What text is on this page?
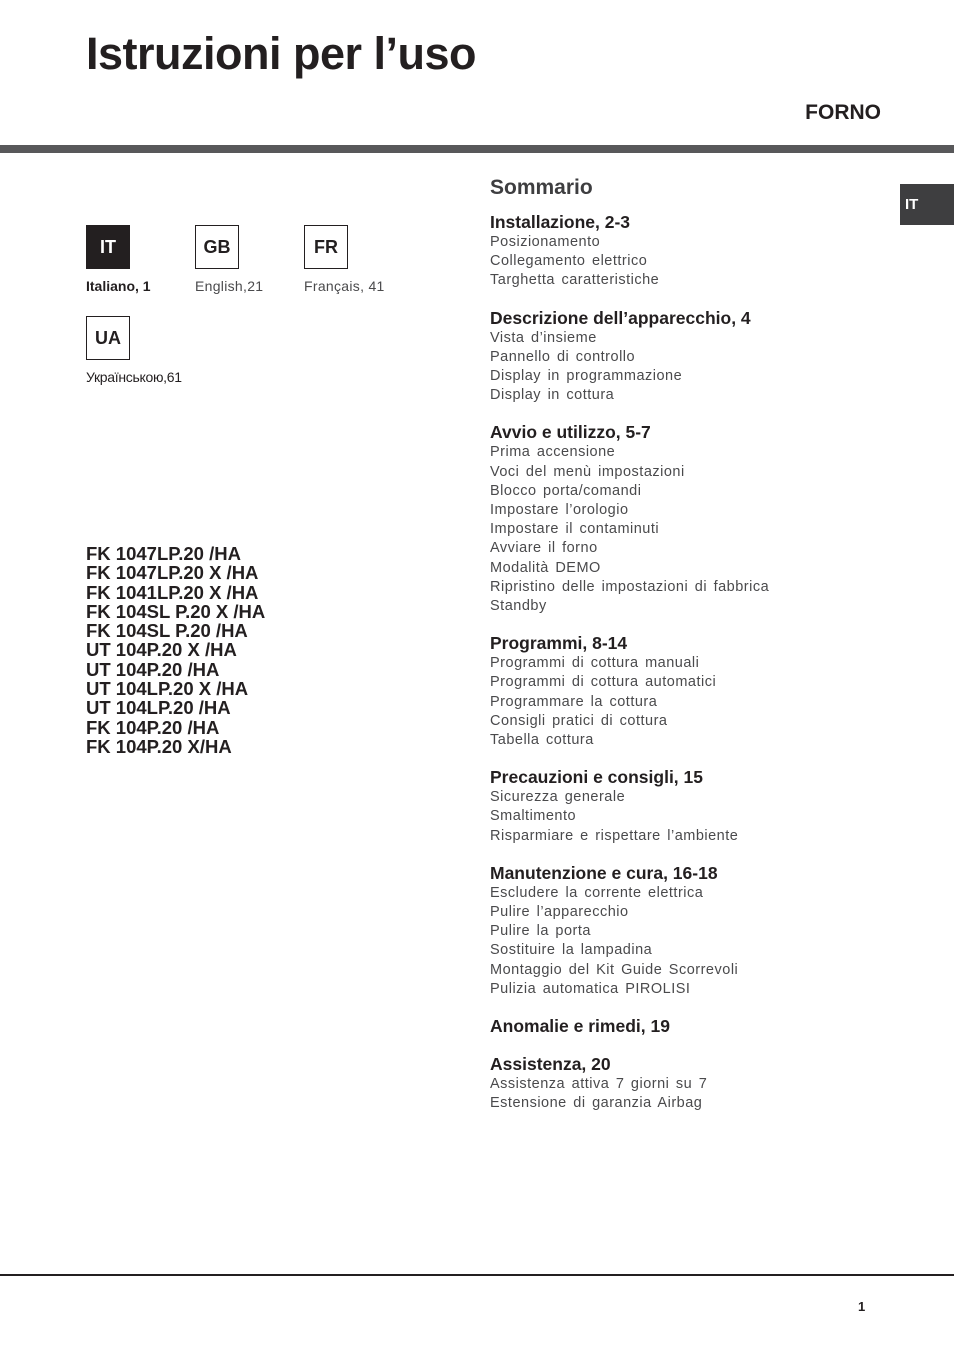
Istruzioni per l’uso
FORNO
IT
IT
Italiano, 1
GB
English,21
FR
Français, 41
UA
Українською,61
FK 1047LP.20 /HA
FK 1047LP.20 X /HA
FK 1041LP.20 X /HA
FK 104SL P.20 X /HA
FK 104SL P.20 /HA
UT 104P.20 X /HA
UT 104P.20 /HA
UT 104LP.20 X /HA
UT 104LP.20 /HA
FK 104P.20 /HA
FK 104P.20 X/HA
Sommario
Installazione, 2-3
Posizionamento
Collegamento elettrico
Targhetta caratteristiche
Descrizione dell’apparecchio, 4
Vista d’insieme
Pannello di controllo
Display in programmazione
Display in cottura
Avvio e utilizzo, 5-7
Prima accensione
Voci del menù impostazioni
Blocco porta/comandi
Impostare l’orologio
Impostare il contaminuti
Avviare il forno
Modalità DEMO
Ripristino delle impostazioni di fabbrica
Standby
Programmi, 8-14
Programmi di cottura manuali
Programmi di cottura automatici
Programmare la cottura
Consigli pratici di cottura
Tabella cottura
Precauzioni e consigli, 15
Sicurezza generale
Smaltimento
Risparmiare e rispettare l’ambiente
Manutenzione e cura, 16-18
Escludere la corrente elettrica
Pulire l’apparecchio
Pulire la porta
Sostituire la lampadina
Montaggio del Kit Guide Scorrevoli
Pulizia automatica PIROLISI
Anomalie e rimedi, 19
Assistenza, 20
Assistenza attiva 7 giorni su 7
Estensione di garanzia Airbag
1
